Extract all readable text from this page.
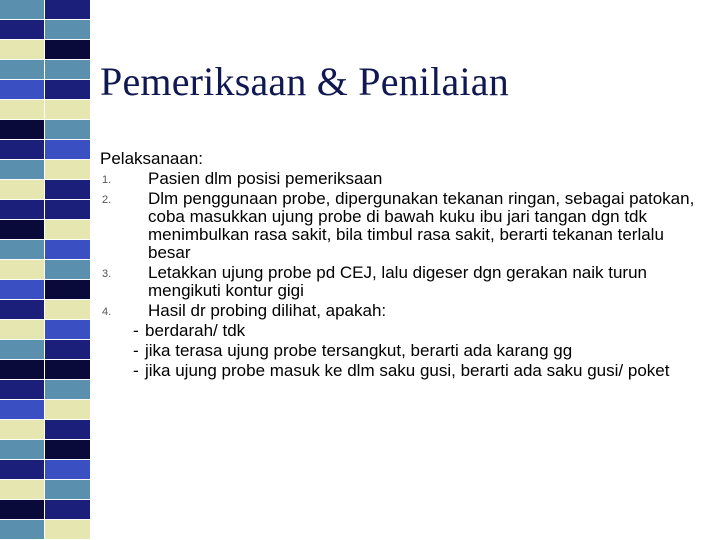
Pemeriksaan & Penilaian

Pelaksanaan:

1. Pasien dlm posisi pemeriksaan
2. Dlm penggunaan probe, dipergunakan tekanan ringan, sebagai patokan, coba masukkan ujung probe di bawah kuku ibu jari tangan dgn tdk menimbulkan rasa sakit, bila timbul rasa sakit, berarti tekanan terlalu besar
3. Letakkan ujung probe pd CEJ, lalu digeser dgn gerakan naik turun mengikuti kontur gigi
4. Hasil dr probing dilihat, apakah:
- berdarah/ tdk
- jika terasa ujung probe tersangkut, berarti ada karang gg
- jika ujung probe masuk ke dlm saku gusi, berarti ada saku gusi/ poket
